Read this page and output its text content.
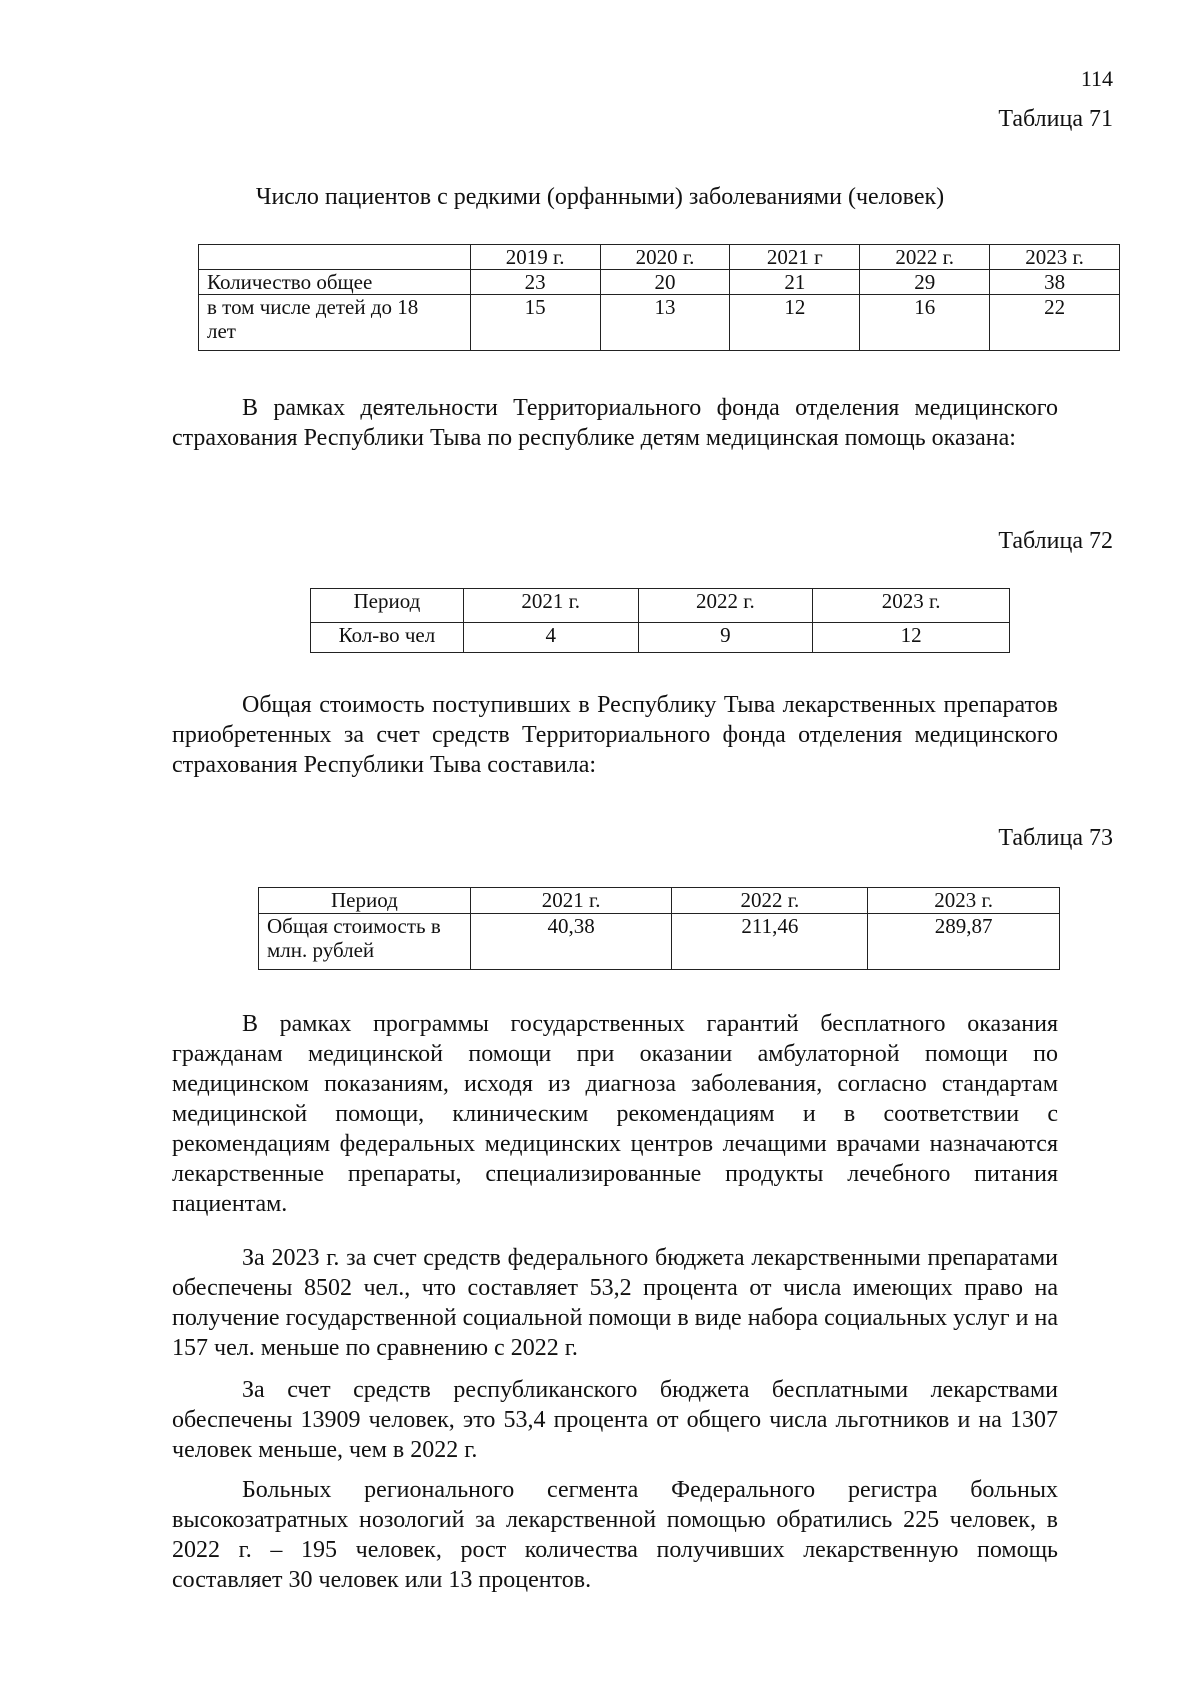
114
Таблица 71
Число пациентов с редкими (орфанными) заболеваниями (человек)
	2019 г.	2020 г.	2021 г	2022 г.	2023 г.
Количество общее	23	20	21	29	38
в том числе детей до 18 лет	15	13	12	16	22

В рамках деятельности Территориального фонда отделения медицинского страхования Республики Тыва по республике детям медицинская помощь оказана:

Таблица 72
Период	2021 г.	2022 г.	2023 г.
Кол-во чел	4	9	12

Общая стоимость поступивших в Республику Тыва лекарственных препаратов приобретенных за счет средств Территориального фонда отделения медицинского страхования Республики Тыва составила:

Таблица 73
Период	2021 г.	2022 г.	2023 г.
Общая стоимость в млн. рублей	40,38	211,46	289,87

В рамках программы государственных гарантий бесплатного оказания гражданам медицинской помощи при оказании амбулаторной помощи по медицинском показаниям, исходя из диагноза заболевания, согласно стандартам медицинской помощи, клиническим рекомендациям и в соответствии с рекомендациям федеральных медицинских центров лечащими врачами назначаются лекарственные препараты, специализированные продукты лечебного питания пациентам.

За 2023 г. за счет средств федерального бюджета лекарственными препаратами обеспечены 8502 чел., что составляет 53,2 процента от числа имеющих право на получение государственной социальной помощи в виде набора социальных услуг и на 157 чел. меньше по сравнению с 2022 г.

За счет средств республиканского бюджета бесплатными лекарствами обеспечены 13909 человек, это 53,4 процента от общего числа льготников и на 1307 человек меньше, чем в 2022 г.

Больных регионального сегмента Федерального регистра больных высокозатратных нозологий за лекарственной помощью обратились 225 человек, в 2022 г. – 195 человек, рост количества получивших лекарственную помощь составляет 30 человек или 13 процентов.
